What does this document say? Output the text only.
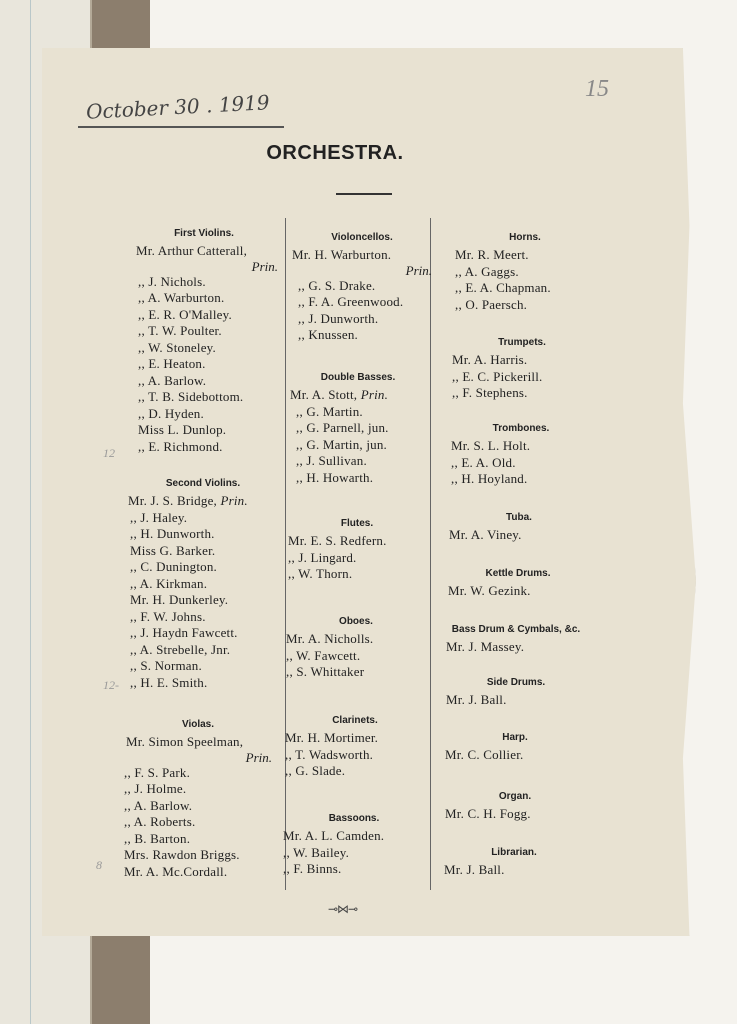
October 30 . 1919
15
ORCHESTRA.
12
12-
8
First Violins.
Mr. Arthur Catterall,
Prin.
,, J. Nichols.
,, A. Warburton.
,, E. R. O'Malley.
,, T. W. Poulter.
,, W. Stoneley.
,, E. Heaton.
,, A. Barlow.
,, T. B. Sidebottom.
,, D. Hyden.
Miss L. Dunlop.
,, E. Richmond.
Second Violins.
Mr. J. S. Bridge, Prin.
,, J. Haley.
,, H. Dunworth.
Miss G. Barker.
,, C. Dunington.
,, A. Kirkman.
Mr. H. Dunkerley.
,, F. W. Johns.
,, J. Haydn Fawcett.
,, A. Strebelle, Jnr.
,, S. Norman.
,, H. E. Smith.
Violas.
Mr. Simon Speelman,
Prin.
,, F. S. Park.
,, J. Holme.
,, A. Barlow.
,, A. Roberts.
,, B. Barton.
Mrs. Rawdon Briggs.
Mr. A. Mc.Cordall.
Violoncellos.
Mr. H. Warburton.
Prin.
,, G. S. Drake.
,, F. A. Greenwood.
,, J. Dunworth.
,, Knussen.
Double Basses.
Mr. A. Stott, Prin.
,, G. Martin.
,, G. Parnell, jun.
,, G. Martin, jun.
,, J. Sullivan.
,, H. Howarth.
Flutes.
Mr. E. S. Redfern.
,, J. Lingard.
,, W. Thorn.
Oboes.
Mr. A. Nicholls.
,, W. Fawcett.
,, S. Whittaker
Clarinets.
Mr. H. Mortimer.
,, T. Wadsworth.
,, G. Slade.
Bassoons.
Mr. A. L. Camden.
,, W. Bailey.
,, F. Binns.
Horns.
Mr. R. Meert.
,, A. Gaggs.
,, E. A. Chapman.
,, O. Paersch.
Trumpets.
Mr. A. Harris.
,, E. C. Pickerill.
,, F. Stephens.
Trombones.
Mr. S. L. Holt.
,, E. A. Old.
,, H. Hoyland.
Tuba.
Mr. A. Viney.
Kettle Drums.
Mr. W. Gezink.
Bass Drum & Cymbals, &c.
Mr. J. Massey.
Side Drums.
Mr. J. Ball.
Harp.
Mr. C. Collier.
Organ.
Mr. C. H. Fogg.
Librarian.
Mr. J. Ball.
⊸⋈⊸
